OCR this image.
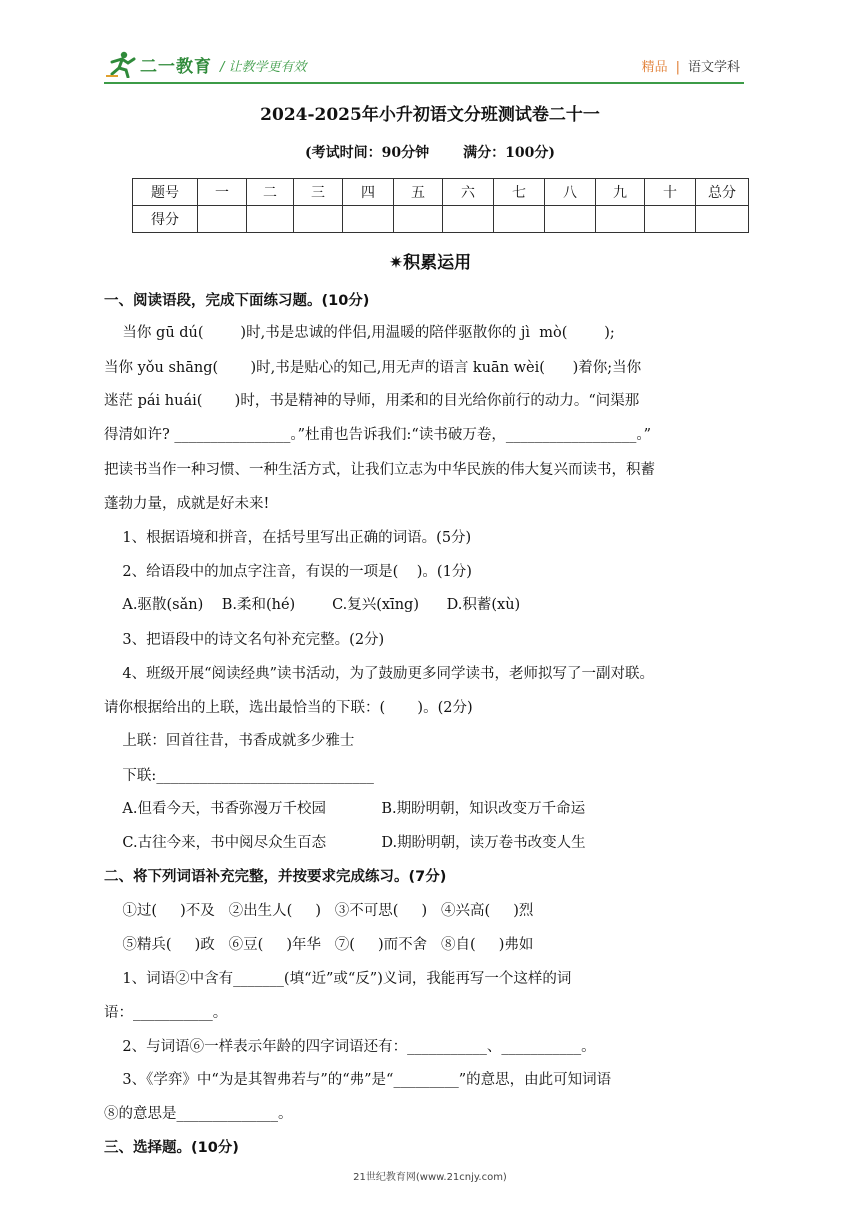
二一教育 / 让教学更有效	精品 | 语文学科
2024-2025年小升初语文分班测试卷二十一
(考试时间：90分钟 满分：100分)
题号	一	二	三	四	五	六	七	八	九	十	总分
得分											
✷积累运用
一、阅读语段，完成下面练习题。(10分)
当你 gū dú(        )时,书是忠诚的伴侣,用温暖的陪伴驱散你的 jì  mò(        );
当你 yǒu shāng(       )时,书是贴心的知己,用无声的语言 kuān wèi(      )着你;当你
迷茫 pái huái(       )时，书是精神的导师，用柔和的目光给你前行的动力。“问渠那
得清如许? ________________。”杜甫也告诉我们:“读书破万卷，__________________。”
把读书当作一种习惯、一种生活方式，让我们立志为中华民族的伟大复兴而读书，积蓄
蓬勃力量，成就是好未来!
1、根据语境和拼音，在括号里写出正确的词语。(5分)
2、给语段中的加点字注音，有误的一项是(    )。(1分)
A.驱散(sǎn)    B.柔和(hé)        C.复兴(xīng)      D.积蓄(xù)
3、把语段中的诗文名句补充完整。(2分)
4、班级开展“阅读经典”读书活动，为了鼓励更多同学读书，老师拟写了一副对联。
请你根据给出的上联，选出最恰当的下联：(       )。(2分)
上联：回首往昔，书香成就多少雅士
下联:______________________________
A.但看今天，书香弥漫万千校园            B.期盼明朝，知识改变万千命运
C.古往今来，书中阅尽众生百态            D.期盼明朝，读万卷书改变人生
二、将下列词语补充完整，并按要求完成练习。(7分)
①过(     )不及   ②出生人(     )   ③不可思(     )   ④兴高(     )烈
⑤精兵(     )政   ⑥豆(     )年华   ⑦(     )而不舍   ⑧自(     )弗如
1、词语②中含有_______(填“近”或“反”)义词，我能再写一个这样的词
语：___________。
2、与词语⑥一样表示年龄的四字词语还有：___________、___________。
3、《学弈》中“为是其智弗若与”的“弗”是“_________”的意思，由此可知词语
⑧的意思是______________。
三、选择题。(10分)
21世纪教育网(www.21cnjy.com)
